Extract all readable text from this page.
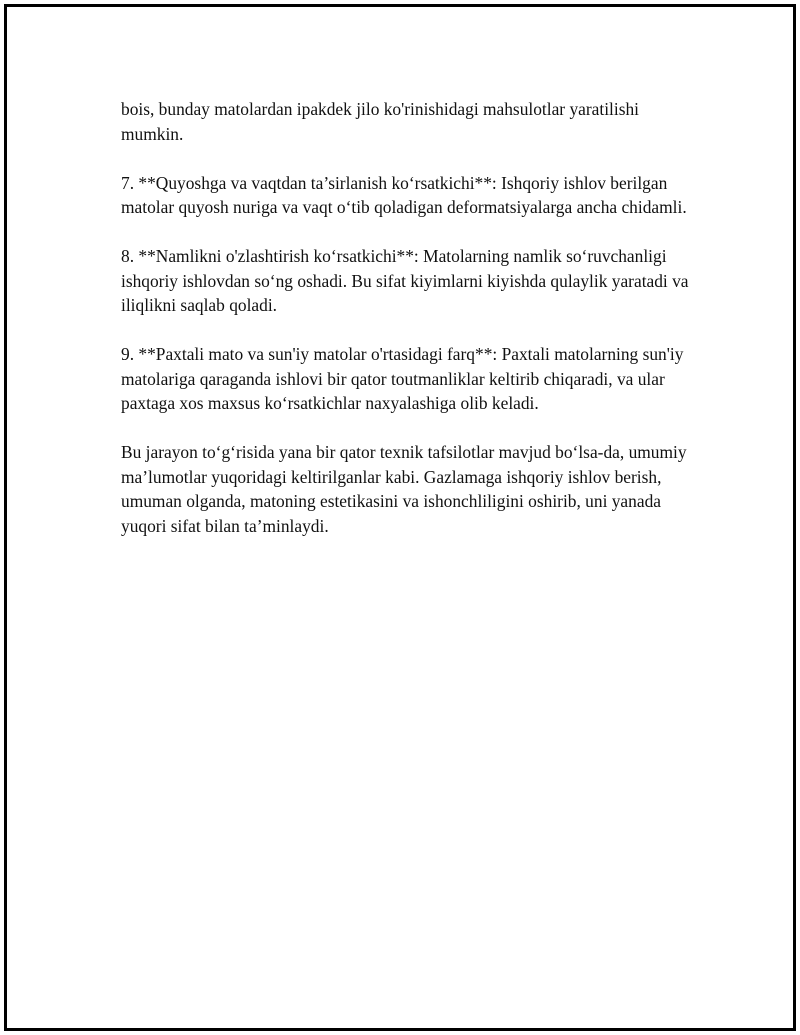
bois, bunday matolardan ipakdek jilo ko'rinishidagi mahsulotlar yaratilishi mumkin.

7. **Quyoshga va vaqtdan ta’sirlanish ko‘rsatkichi**: Ishqoriy ishlov berilgan matolar quyosh nuriga va vaqt o‘tib qoladigan deformatsiyalarga ancha chidamli.

8. **Namlikni o'zlashtirish ko‘rsatkichi**: Matolarning namlik so‘ruvchanligi ishqoriy ishlovdan so‘ng oshadi. Bu sifat kiyimlarni kiyishda qulaylik yaratadi va iliqlikni saqlab qoladi.

9. **Paxtali mato va sun'iy matolar o'rtasidagi farq**: Paxtali matolarning sun'iy matolariga qaraganda ishlovi bir qator toutmanliklar keltirib chiqaradi, va ular paxtaga xos maxsus ko‘rsatkichlar naxyalashiga olib keladi.

Bu jarayon to‘g‘risida yana bir qator texnik tafsilotlar mavjud bo‘lsa-da, umumiy ma’lumotlar yuqoridagi keltirilganlar kabi. Gazlamaga ishqoriy ishlov berish, umuman olganda, matoning estetikasini va ishonchliligini oshirib, uni yanada yuqori sifat bilan ta’minlaydi.
